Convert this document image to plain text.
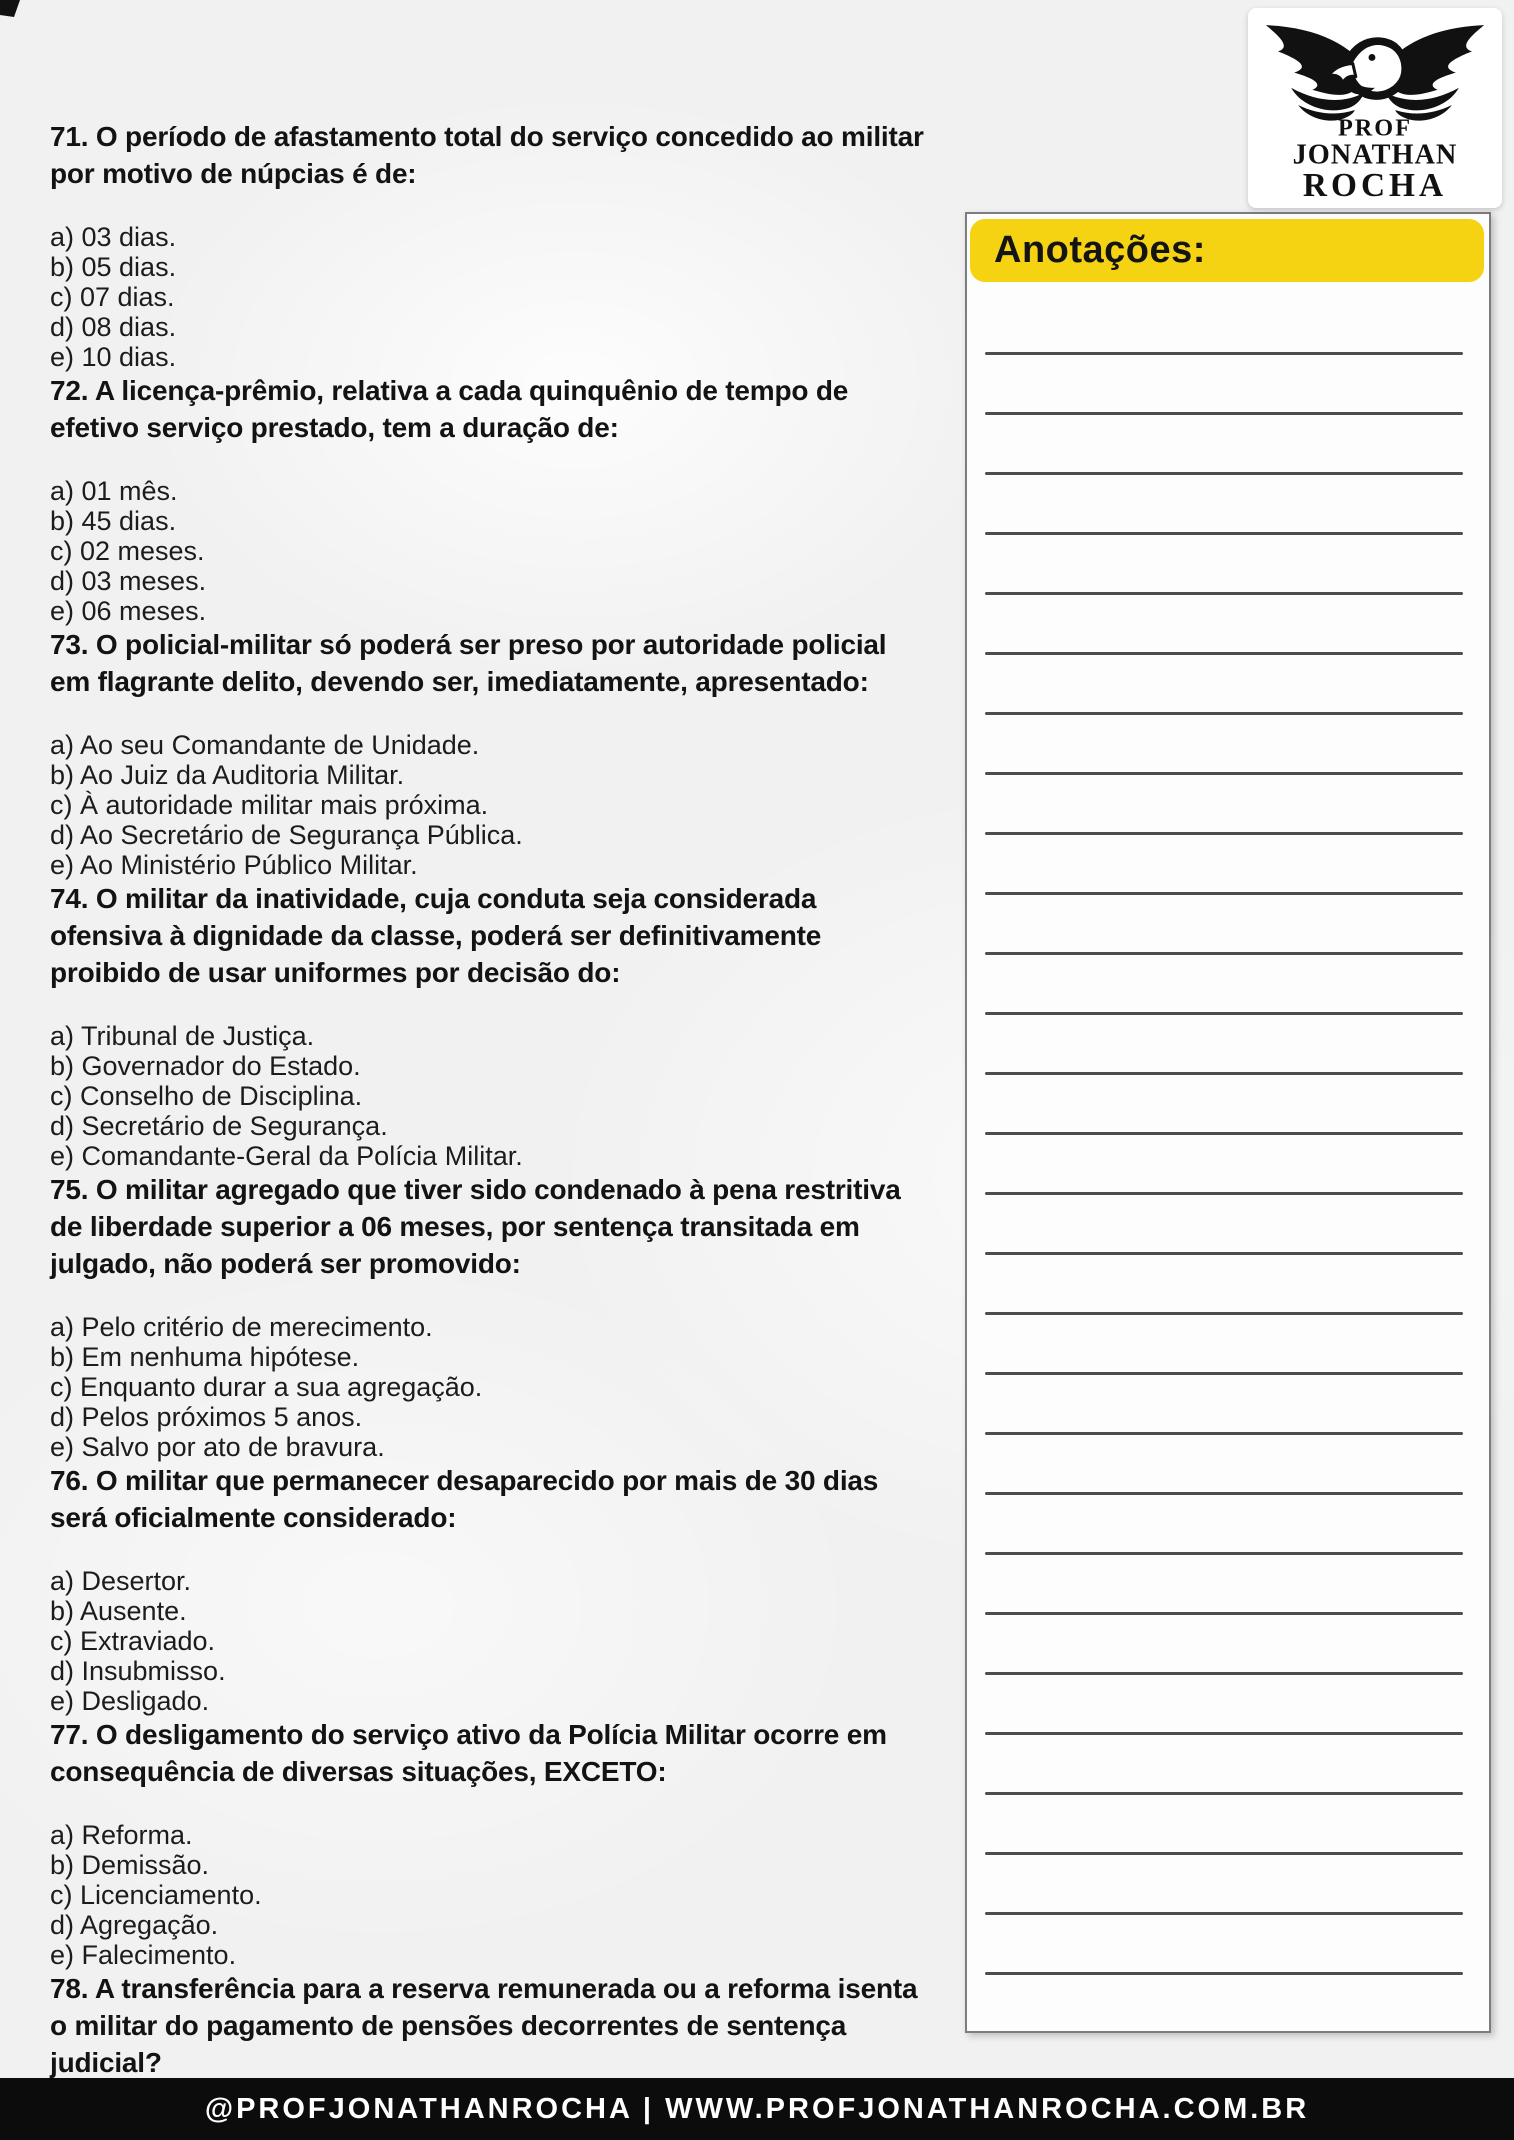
71. O período de afastamento total do serviço concedido ao militar
por motivo de núpcias é de:
a) 03 dias.
b) 05 dias.
c) 07 dias.
d) 08 dias.
e) 10 dias.
72. A licença-prêmio, relativa a cada quinquênio de tempo de
efetivo serviço prestado, tem a duração de:
a) 01 mês.
b) 45 dias.
c) 02 meses.
d) 03 meses.
e) 06 meses.
73. O policial-militar só poderá ser preso por autoridade policial
em flagrante delito, devendo ser, imediatamente, apresentado:
a) Ao seu Comandante de Unidade.
b) Ao Juiz da Auditoria Militar.
c) À autoridade militar mais próxima.
d) Ao Secretário de Segurança Pública.
e) Ao Ministério Público Militar.
74. O militar da inatividade, cuja conduta seja considerada
ofensiva à dignidade da classe, poderá ser definitivamente
proibido de usar uniformes por decisão do:
a) Tribunal de Justiça.
b) Governador do Estado.
c) Conselho de Disciplina.
d) Secretário de Segurança.
e) Comandante-Geral da Polícia Militar.
75. O militar agregado que tiver sido condenado à pena restritiva
de liberdade superior a 06 meses, por sentença transitada em
julgado, não poderá ser promovido:
a) Pelo critério de merecimento.
b) Em nenhuma hipótese.
c) Enquanto durar a sua agregação.
d) Pelos próximos 5 anos.
e) Salvo por ato de bravura.
76. O militar que permanecer desaparecido por mais de 30 dias
será oficialmente considerado:
a) Desertor.
b) Ausente.
c) Extraviado.
d) Insubmisso.
e) Desligado.
77. O desligamento do serviço ativo da Polícia Militar ocorre em
consequência de diversas situações, EXCETO:
a) Reforma.
b) Demissão.
c) Licenciamento.
d) Agregação.
e) Falecimento.
78. A transferência para a reserva remunerada ou a reforma isenta
o militar do pagamento de pensões decorrentes de sentença
judicial?
Anotações:
PROF
JONATHAN
ROCHA
@PROFJONATHANROCHA | WWW.PROFJONATHANROCHA.COM.BR
